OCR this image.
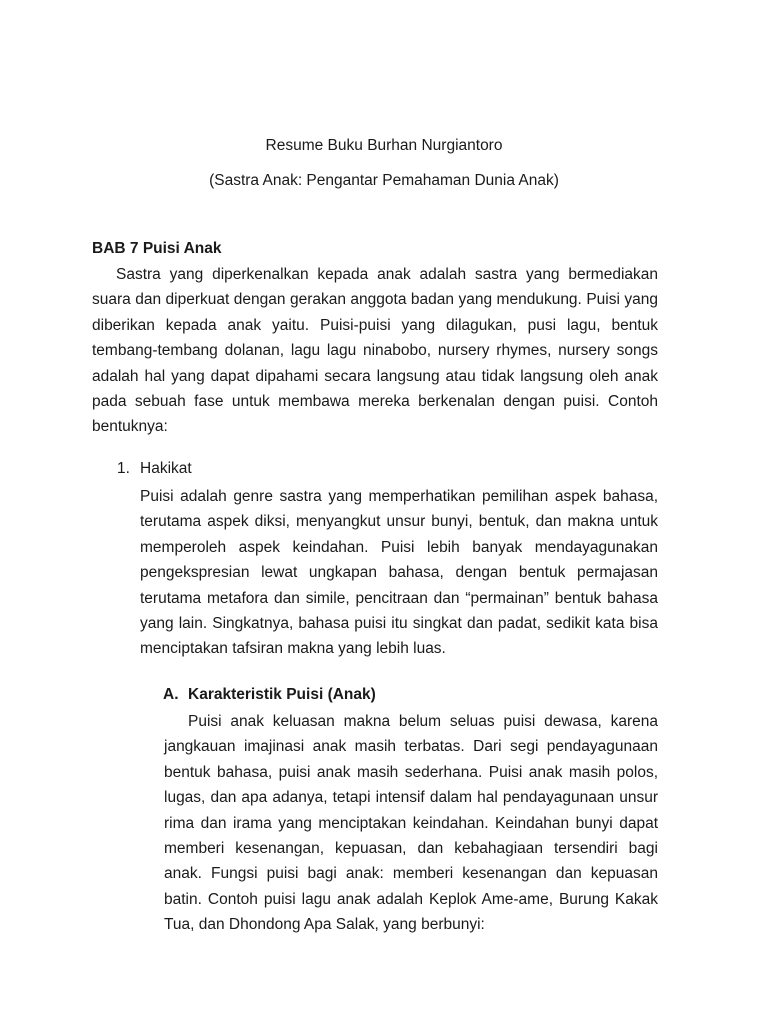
Resume Buku Burhan Nurgiantoro
(Sastra Anak: Pengantar Pemahaman Dunia Anak)
BAB 7 Puisi Anak

Sastra yang diperkenalkan kepada anak adalah sastra yang bermediakan suara dan diperkuat dengan gerakan anggota badan yang mendukung. Puisi yang diberikan kepada anak yaitu. Puisi-puisi yang dilagukan, pusi lagu, bentuk tembang-tembang dolanan, lagu lagu ninabobo, nursery rhymes, nursery songs adalah hal yang dapat dipahami secara langsung atau tidak langsung oleh anak pada sebuah fase untuk membawa mereka berkenalan dengan puisi. Contoh bentuknya:

1. Hakikat

Puisi adalah genre sastra yang memperhatikan pemilihan aspek bahasa, terutama aspek diksi, menyangkut unsur bunyi, bentuk, dan makna untuk memperoleh aspek keindahan. Puisi lebih banyak mendayagunakan pengekspresian lewat ungkapan bahasa, dengan bentuk permajasan terutama metafora dan simile, pencitraan dan “permainan” bentuk bahasa yang lain. Singkatnya, bahasa puisi itu singkat dan padat, sedikit kata bisa menciptakan tafsiran makna yang lebih luas.

A. Karakteristik Puisi (Anak)

Puisi anak keluasan makna belum seluas puisi dewasa, karena jangkauan imajinasi anak masih terbatas. Dari segi pendayagunaan bentuk bahasa, puisi anak masih sederhana. Puisi anak masih polos, lugas, dan apa adanya, tetapi intensif dalam hal pendayagunaan unsur rima dan irama yang menciptakan keindahan. Keindahan bunyi dapat memberi kesenangan, kepuasan, dan kebahagiaan tersendiri bagi anak. Fungsi puisi bagi anak: memberi kesenangan dan kepuasan batin. Contoh puisi lagu anak adalah Keplok Ame-ame, Burung Kakak Tua, dan Dhondong Apa Salak, yang berbunyi:
